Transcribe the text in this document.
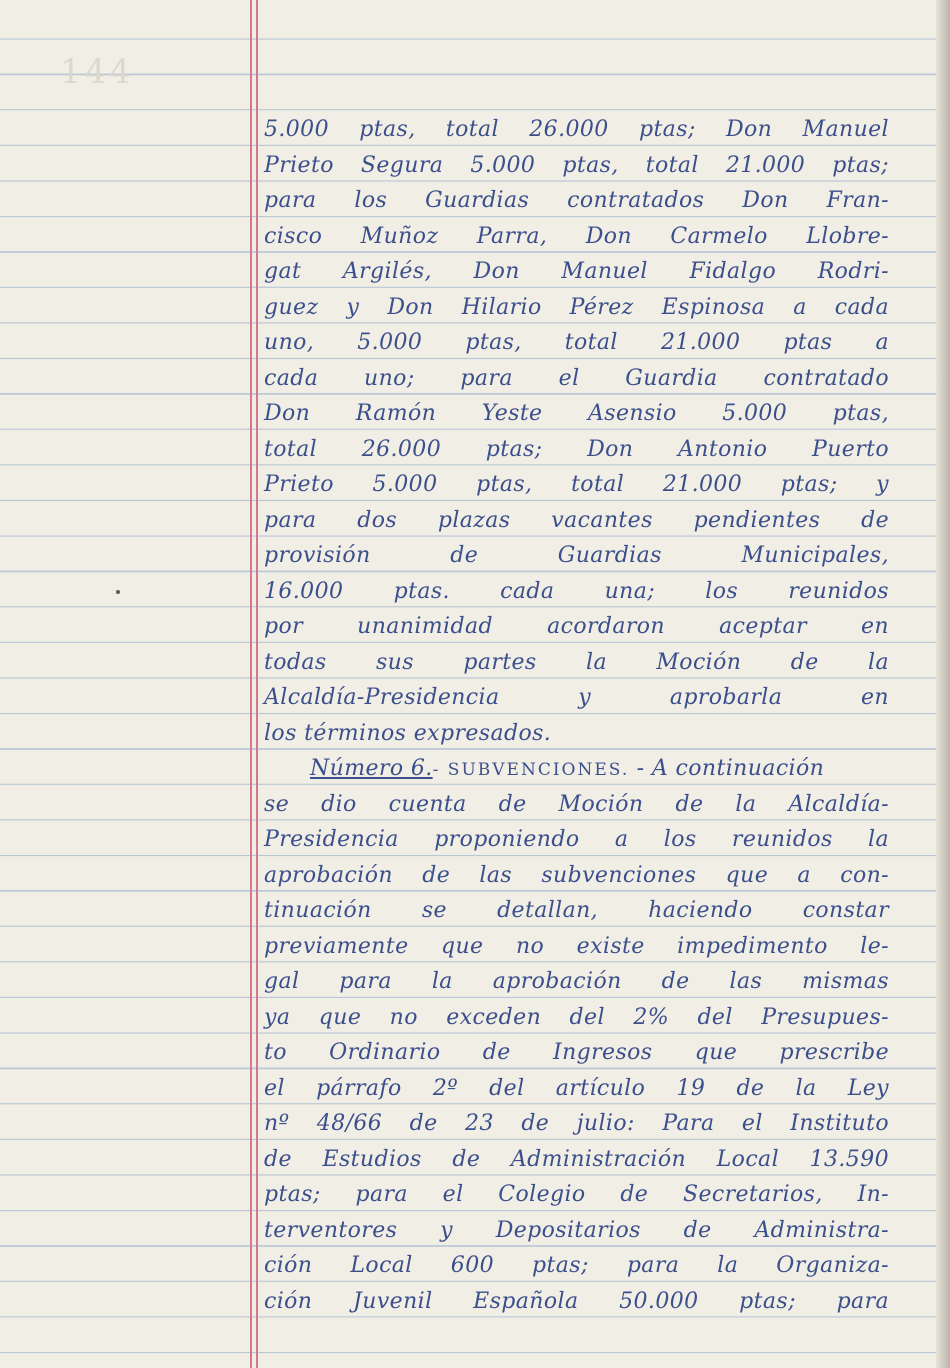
144
5.000 ptas, total 26.000 ptas; Don Manuel
Prieto Segura 5.000 ptas, total 21.000 ptas;
para los Guardias contratados Don Fran-
cisco Muñoz Parra, Don Carmelo Llobre-
gat Argilés, Don Manuel Fidalgo Rodri-
guez y Don Hilario Pérez Espinosa a cada
uno, 5.000 ptas, total 21.000 ptas a
cada uno; para el Guardia contratado
Don Ramón Yeste Asensio 5.000 ptas,
total 26.000 ptas; Don Antonio Puerto
Prieto 5.000 ptas, total 21.000 ptas; y
para dos plazas vacantes pendientes de
provisión de Guardias Municipales,
16.000 ptas. cada una; los reunidos
por unanimidad acordaron aceptar en
todas sus partes la Moción de la
Alcaldía-Presidencia y aprobarla en
los términos expresados.
Número 6.- SUBVENCIONES. - A continuación
se dio cuenta de Moción de la Alcaldía-
Presidencia proponiendo a los reunidos la
aprobación de las subvenciones que a con-
tinuación se detallan, haciendo constar
previamente que no existe impedimento le-
gal para la aprobación de las mismas
ya que no exceden del 2% del Presupues-
to Ordinario de Ingresos que prescribe
el párrafo 2º del artículo 19 de la Ley
nº 48/66 de 23 de julio: Para el Instituto
de Estudios de Administración Local 13.590
ptas; para el Colegio de Secretarios, In-
terventores y Depositarios de Administra-
ción Local 600 ptas; para la Organiza-
ción Juvenil Española 50.000 ptas; para
